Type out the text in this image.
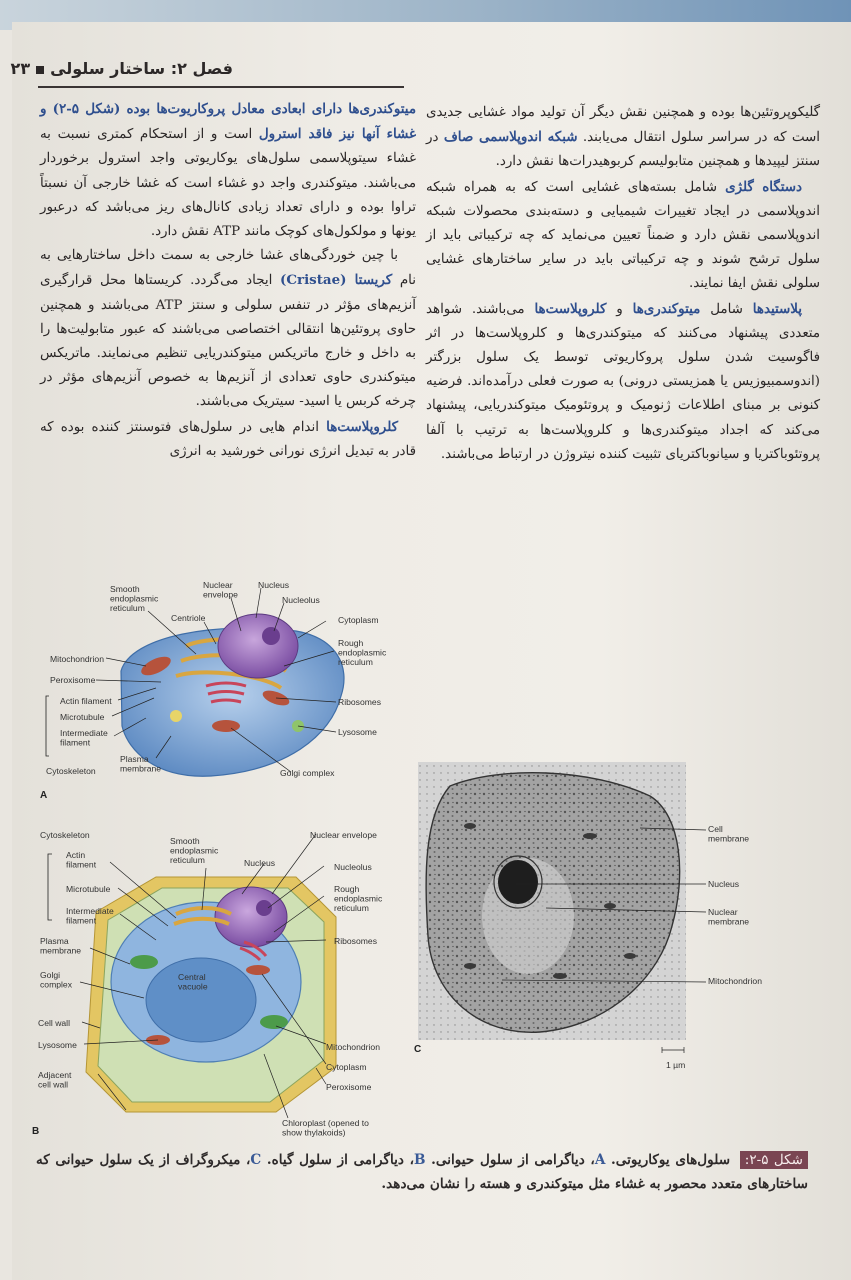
فصل ۲: ساختار سلولی۲۳

گلیکوپروتئین‌ها بوده و همچنین نقش دیگر آن تولید مواد غشایی جدیدی است که در سراسر سلول انتقال می‌یابند. شبکه اندوپلاسمی صاف در سنتز لیپیدها و همچنین متابولیسم کربوهیدرات‌ها نقش دارد.

دستگاه گلژی شامل بسته‌های غشایی است که به همراه شبکه اندوپلاسمی در ایجاد تغییرات شیمیایی و دسته‌بندی محصولات شبکه اندوپلاسمی نقش دارد و ضمناً تعیین می‌نماید که چه ترکیباتی باید از سلول ترشح شوند و چه ترکیباتی باید در سایر ساختارهای غشایی سلولی نقش ایفا نمایند.

پلاستیدها شامل میتوکندری‌ها و کلروپلاست‌ها می‌باشند. شواهد متعددی پیشنهاد می‌کنند که میتوکندری‌ها و کلروپلاست‌ها در اثر فاگوسیت شدن سلول پروکاریوتی توسط یک سلول بزرگتر (اندوسمبیوزیس یا همزیستی درونی) به صورت فعلی درآمده‌اند. فرضیه کنونی بر مبنای اطلاعات ژنومیک و پروتئومیک میتوکندریایی، پیشنهاد می‌کند که اجداد میتوکندری‌ها و کلروپلاست‌ها به ترتیب با آلفا پروتئوباکتریا و سیانوباکتریای تثبیت کننده نیتروژن در ارتباط می‌باشند.

میتوکندری‌ها دارای ابعادی معادل پروکاریوت‌ها بوده (شکل ۵-۲) و غشاء آنها نیز فاقد استرول است و از استحکام کمتری نسبت به غشاء سیتوپلاسمی سلول‌های یوکاریوتی واجد استرول برخوردار می‌باشند. میتوکندری واجد دو غشاء است که غشا خارجی آن نسبتاً تراوا بوده و دارای تعداد زیادی کانال‌های ریز می‌باشد که درعبور یونها و مولکول‌های کوچک مانند ATP نقش دارد.

با چین خوردگی‌های غشا خارجی به سمت داخل ساختارهایی به نام کریستا (Cristae) ایجاد می‌گردد. کریستاها محل قرارگیری آنزیم‌های مؤثر در تنفس سلولی و سنتز ATP می‌باشند و همچنین حاوی پروتئین‌ها انتقالی اختصاصی می‌باشند که عبور متابولیت‌ها را به داخل و خارج ماتریکس میتوکندریایی تنظیم می‌نمایند. ماتریکس میتوکندری حاوی تعدادی از آنزیم‌ها به خصوص آنزیم‌های مؤثر در چرخه کربس یا اسید- سیتریک می‌باشند.

کلروپلاست‌ها اندام هایی در سلول‌های فتوسنتز کننده بوده که قادر به تبدیل انرژی نورانی خورشید به انرژی

Smooth endoplasmic reticulum
Nuclear envelope
Nucleus
Nucleolus
Centriole	Cytoplasm
Rough endoplasmic reticulum
Mitochondrion
Peroxisome
Actin filament
Microtubule
Intermediate filament
Ribosomes
Lysosome
Plasma membrane
Cytoskeleton	Golgi complex
A
Cytoskeleton
Smooth endoplasmic reticulum
Nuclear envelope
Actin filament	Nucleus	Nucleolus
Microtubule	Rough endoplasmic reticulum
Intermediate filament
Ribosomes
Plasma membrane
Golgi complex
Central vacuole
Cell wall
Lysosome	Mitochondrion
Cytoplasm
Adjacent cell wall	Peroxisome
Chloroplast (opened to show thylakoids)
B
Cell membrane
Nucleus
Nuclear membrane
Mitochondrion
1 µm
C
شکل ۵-۲: سلول‌های یوکاریوتی. A، دیاگرامی از سلول حیوانی. B، دیاگرامی از سلول گیاه. C، میکروگراف از یک سلول حیوانی که ساختارهای متعدد محصور به غشاء مثل میتوکندری و هسته را نشان می‌دهد.
